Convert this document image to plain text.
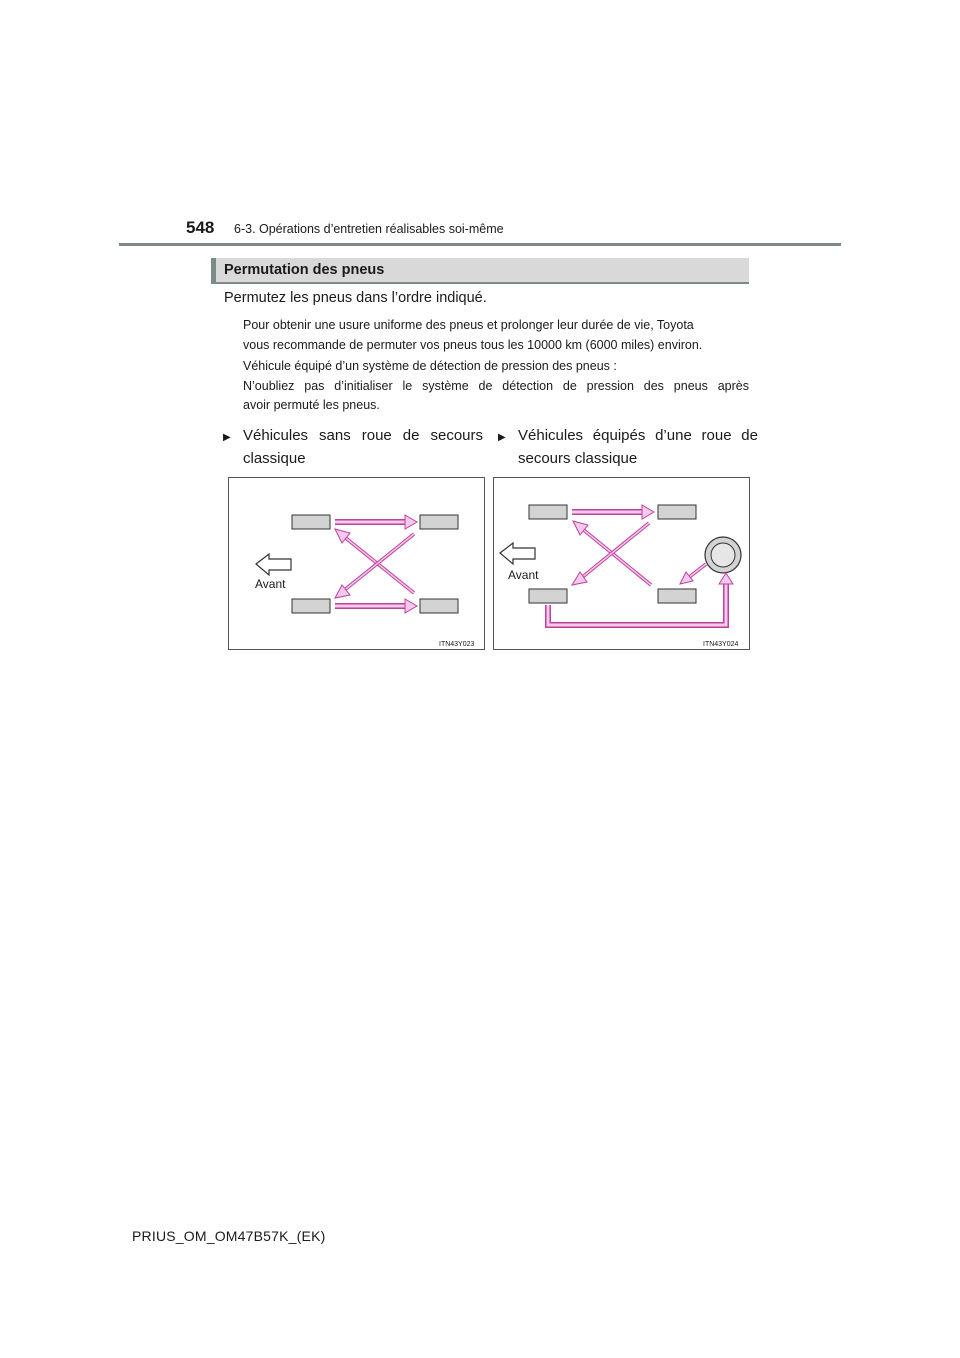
548 6-3. Opérations d’entretien réalisables soi-même
Permutation des pneus
Permutez les pneus dans l’ordre indiqué.
Pour obtenir une usure uniforme des pneus et prolonger leur durée de vie, Toyota
vous recommande de permuter vos pneus tous les 10000 km (6000 miles) environ.
Véhicule équipé d’un système de détection de pression des pneus :
N’oubliez pas d’initialiser le système de détection de pression des pneus après
avoir permuté les pneus.
▶ Véhicules sans roue de secours
classique
▶ Véhicules équipés d’une roue de
secours classique
Avant
ITN43Y023
Avant
ITN43Y024
PRIUS_OM_OM47B57K_(EK)
